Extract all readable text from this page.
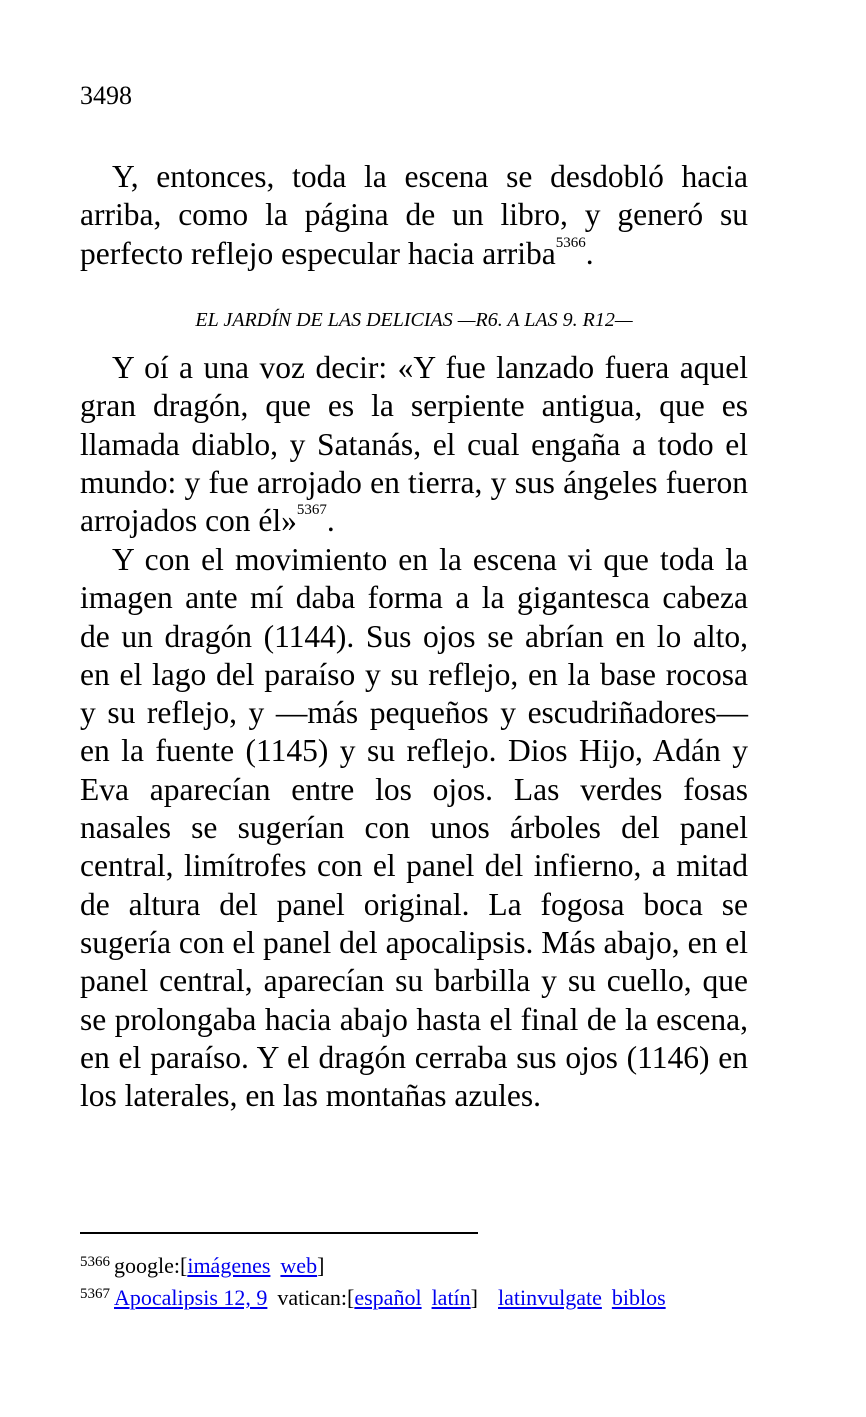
3498

Y, entonces, toda la escena se desdobló hacia arriba, como la página de un libro, y generó su perfecto reflejo especular hacia arriba$^{5366}$.

EL JARDÍN DE LAS DELICIAS —R6. A LAS 9. R12—

Y oí a una voz decir: «Y fue lanzado fuera aquel gran dragón, que es la serpiente antigua, que es llamada diablo, y Satanás, el cual engaña a todo el mundo: y fue arrojado en tierra, y sus ángeles fueron arrojados con él»$^{5367}$.

Y con el movimiento en la escena vi que toda la imagen ante mí daba forma a la gigantesca cabeza de un dragón (1144). Sus ojos se abrían en lo alto, en el lago del paraíso y su reflejo, en la base rocosa y su reflejo, y —más pequeños y escudriñadores— en la fuente (1145) y su reflejo. Dios Hijo, Adán y Eva aparecían entre los ojos. Las verdes fosas nasales se sugerían con unos árboles del panel central, limítrofes con el panel del infierno, a mitad de altura del panel original. La fogosa boca se sugería con el panel del apocalipsis. Más abajo, en el panel central, aparecían su barbilla y su cuello, que se prolongaba hacia abajo hasta el final de la escena, en el paraíso. Y el dragón cerraba sus ojos (1146) en los laterales, en las montañas azules.

$^{5366}$ google:[imágenes web]
$^{5367}$ Apocalipsis 12, 9 vatican:[español latín] latinvulgate biblos
